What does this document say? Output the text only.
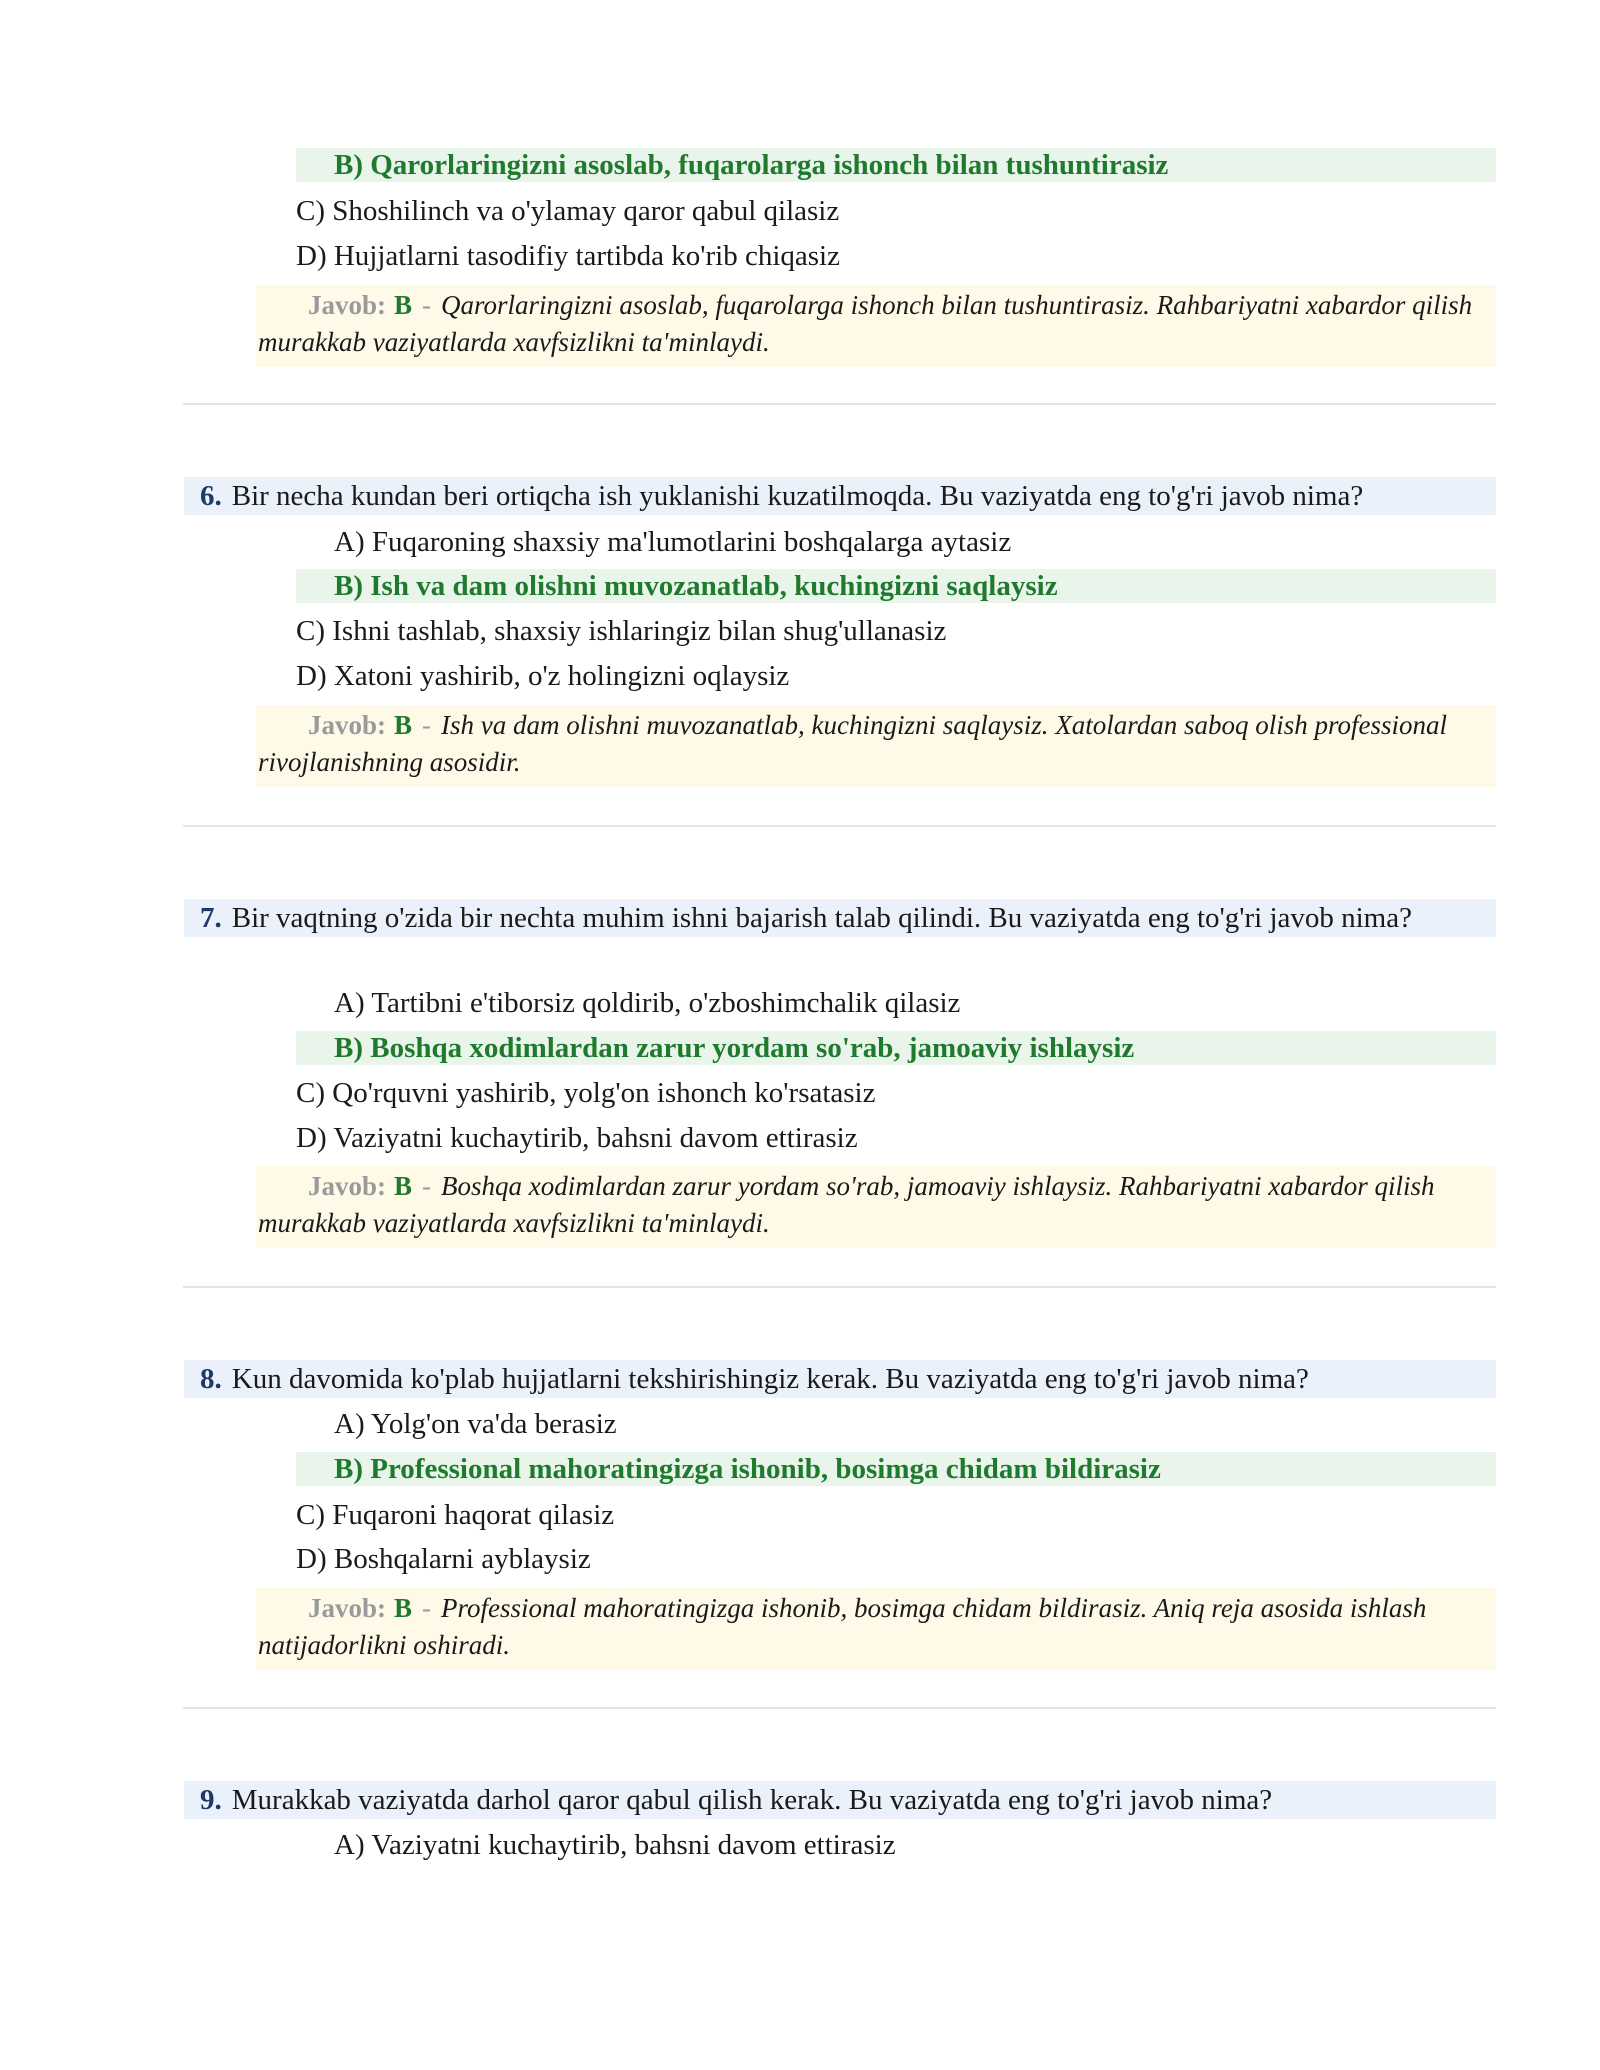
B) Qarorlaringizni asoslab, fuqarolarga ishonch bilan tushuntirasiz
C) Shoshilinch va o'ylamay qaror qabul qilasiz
D) Hujjatlarni tasodifiy tartibda ko'rib chiqasiz
Javob: B - Qarorlaringizni asoslab, fuqarolarga ishonch bilan tushuntirasiz. Rahbariyatni xabardor qilish murakkab vaziyatlarda xavfsizlikni ta'minlaydi.
6. Bir necha kundan beri ortiqcha ish yuklanishi kuzatilmoqda. Bu vaziyatda eng to'g'ri javob nima?
A) Fuqaroning shaxsiy ma'lumotlarini boshqalarga aytasiz
B) Ish va dam olishni muvozanatlab, kuchingizni saqlaysiz
C) Ishni tashlab, shaxsiy ishlaringiz bilan shug'ullanasiz
D) Xatoni yashirib, o'z holingizni oqlaysiz
Javob: B - Ish va dam olishni muvozanatlab, kuchingizni saqlaysiz. Xatolardan saboq olish professional rivojlanishning asosidir.
7. Bir vaqtning o'zida bir nechta muhim ishni bajarish talab qilindi. Bu vaziyatda eng to'g'ri javob nima?
A) Tartibni e'tiborsiz qoldirib, o'zboshimchalik qilasiz
B) Boshqa xodimlardan zarur yordam so'rab, jamoaviy ishlaysiz
C) Qo'rquvni yashirib, yolg'on ishonch ko'rsatasiz
D) Vaziyatni kuchaytirib, bahsni davom ettirasiz
Javob: B - Boshqa xodimlardan zarur yordam so'rab, jamoaviy ishlaysiz. Rahbariyatni xabardor qilish murakkab vaziyatlarda xavfsizlikni ta'minlaydi.
8. Kun davomida ko'plab hujjatlarni tekshirishingiz kerak. Bu vaziyatda eng to'g'ri javob nima?
A) Yolg'on va'da berasiz
B) Professional mahoratingizga ishonib, bosimga chidam bildirasiz
C) Fuqaroni haqorat qilasiz
D) Boshqalarni ayblaysiz
Javob: B - Professional mahoratingizga ishonib, bosimga chidam bildirasiz. Aniq reja asosida ishlash natijadorlikni oshiradi.
9. Murakkab vaziyatda darhol qaror qabul qilish kerak. Bu vaziyatda eng to'g'ri javob nima?
A) Vaziyatni kuchaytirib, bahsni davom ettirasiz
